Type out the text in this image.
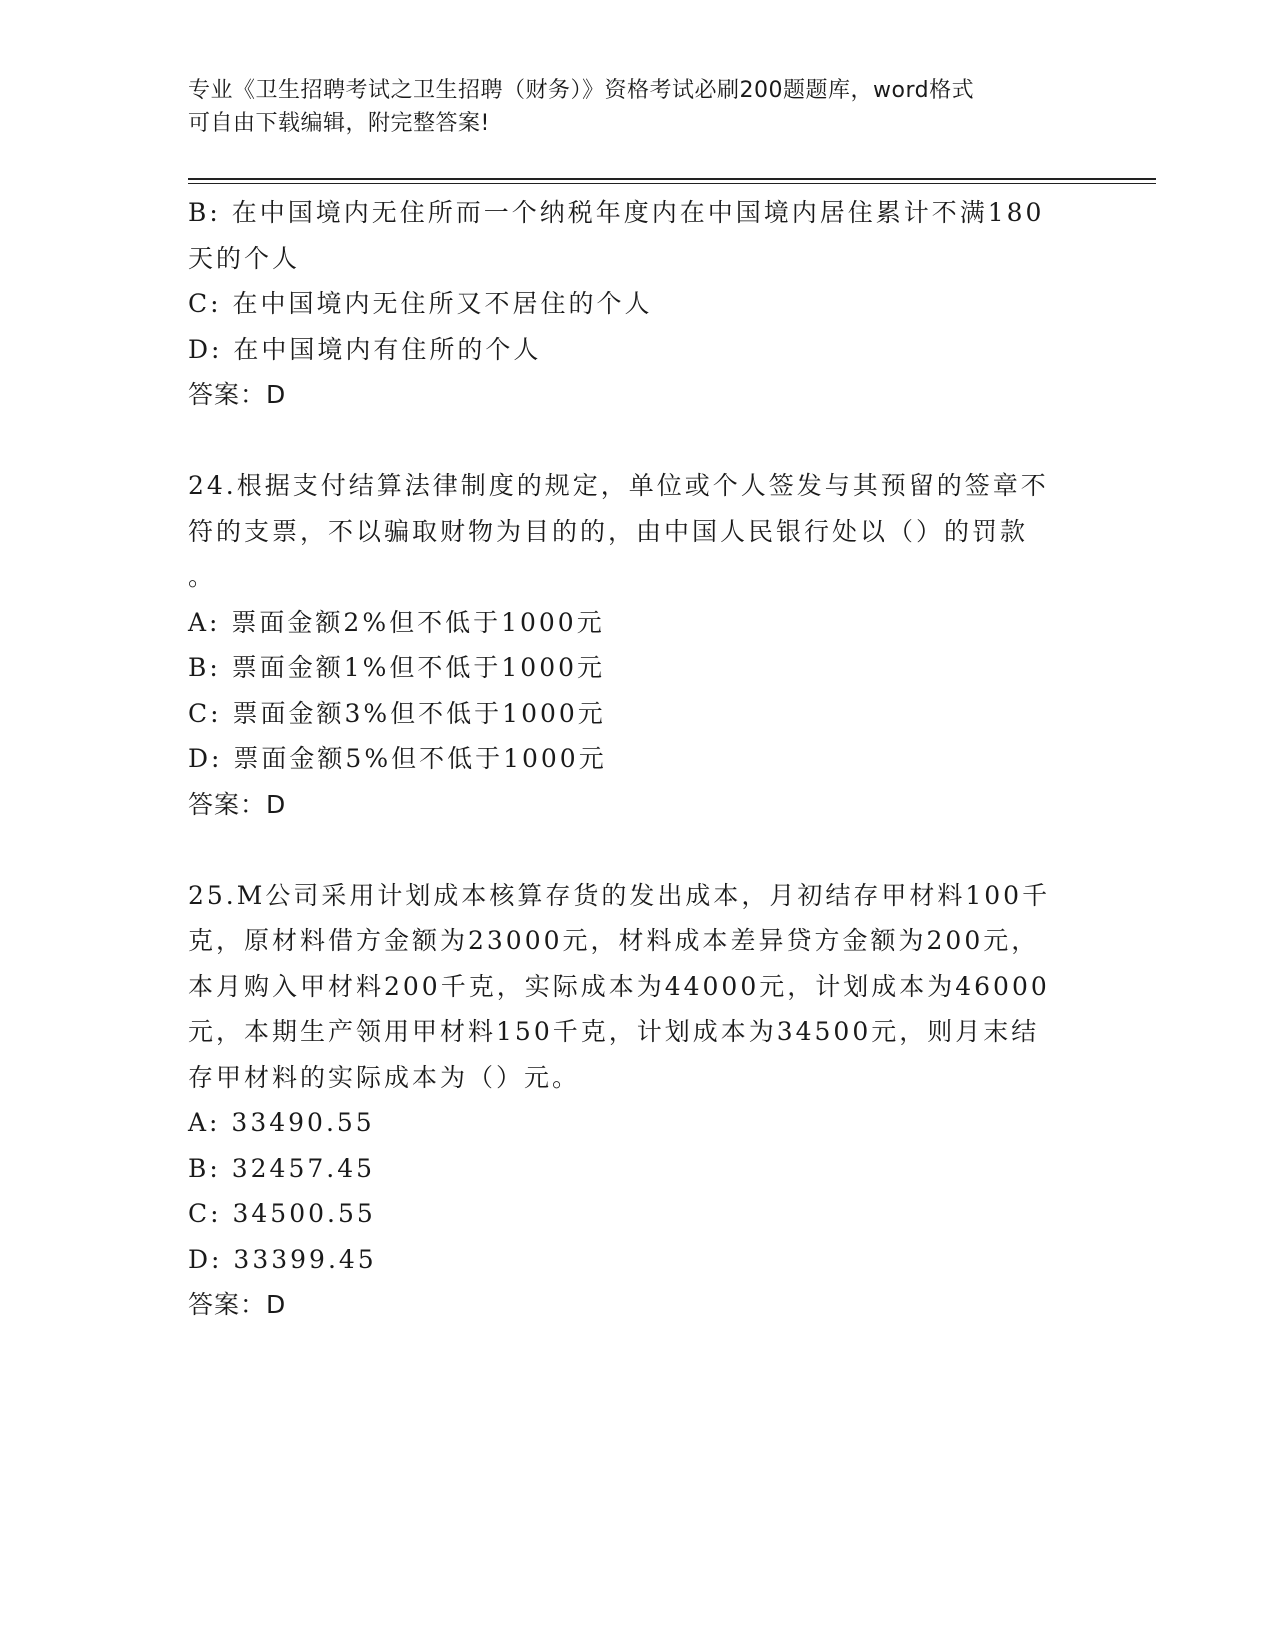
专业《卫生招聘考试之卫生招聘（财务）》资格考试必刷200题题库，word格式
可自由下载编辑，附完整答案!
B: 在中国境内无住所而一个纳税年度内在中国境内居住累计不满180
天的个人
C: 在中国境内无住所又不居住的个人
D: 在中国境内有住所的个人
答案：D
24.根据支付结算法律制度的规定，单位或个人签发与其预留的签章不
符的支票，不以骗取财物为目的的，由中国人民银行处以（）的罚款
。
A: 票面金额2%但不低于1000元
B: 票面金额1%但不低于1000元
C: 票面金额3%但不低于1000元
D: 票面金额5%但不低于1000元
答案：D
25.M公司采用计划成本核算存货的发出成本，月初结存甲材料100千
克，原材料借方金额为23000元，材料成本差异贷方金额为200元，
本月购入甲材料200千克，实际成本为44000元，计划成本为46000
元，本期生产领用甲材料150千克，计划成本为34500元，则月末结
存甲材料的实际成本为（）元。
A: 33490.55
B: 32457.45
C: 34500.55
D: 33399.45
答案：D
